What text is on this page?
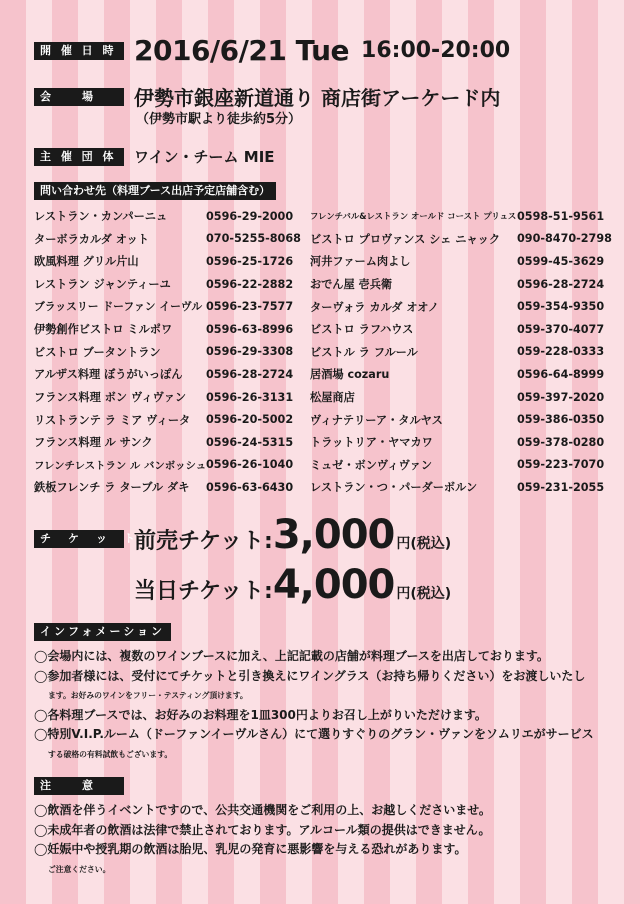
開 催 日 時 2016/6/21 Tue 16:00-20:00
会　　場	伊勢市銀座新道通り 商店街アーケード内
（伊勢市駅より徒歩約5分）
主 催 団 体	ワイン・チーム MIE
問い合わせ先（料理ブース出店予定店舗含む）
レストラン・カンパーニュ	0596-29-2000	フレンチバル&レストラン オールド コースト プリュス 0598-51-9561
ターボラカルダ オット	070-5255-8068 ビストロ プロヴァンス シェ ニャック	090-8470-2798
欧風料理 グリル片山	0596-25-1726	河井ファーム肉よし	0599-45-3629
レストラン ジャンティーユ	0596-22-2882	おでん屋 壱兵衛	0596-28-2724
ブラッスリー ドーファン イーヴル 0596-23-7577	ターヴォラ カルダ オオノ	059-354-9350
伊勢創作ビストロ ミルポワ	0596-63-8996	ビストロ ラフハウス	059-370-4077
ビストロ ブータントラン	0596-29-3308	ビストル ラ フルール	059-228-0333
アルザス料理 ぼうがいっぽん	0596-28-2724	居酒場 cozaru	0596-64-8999
フランス料理 ボン ヴィヴァン	0596-26-3131	松屋商店	059-397-2020
リストランテ ラ ミア ヴィータ	0596-20-5002	ヴィナテリーア・タルヤス	059-386-0350
フランス料理 ル サンク	0596-24-5315	トラットリア・ヤマカワ	059-378-0280
フレンチレストラン ル バンボッシュ 0596-26-1040	ミュゼ・ボンヴィヴァン	059-223-7070
鉄板フレンチ ラ ターブル ダキ	0596-63-6430	レストラン・つ・パーダーボルン	059-231-2055
チ　ケ　ッ　ト
前売チケット: 3,000 円(税込)
当日チケット: 4,000 円(税込)
インフォメーション
◯会場内には、複数のワインブースに加え、上記記載の店舗が料理ブースを出店しております。
◯参加者様には、受付にてチケットと引き換えにワイングラス（お持ち帰りください）をお渡しいたし
ます。お好みのワインをフリー・テスティング頂けます。
◯各料理ブースでは、お好みのお料理を1皿300円よりお召し上がりいただけます。
◯特別V.I.P.ルーム（ドーファンイーヴルさん）にて選りすぐりのグラン・ヴァンをソムリエがサービス
する破格の有料試飲もございます。
注　　意
◯飲酒を伴うイベントですので、公共交通機関をご利用の上、お越しくださいませ。
◯未成年者の飲酒は法律で禁止されております。アルコール類の提供はできません。
◯妊娠中や授乳期の飲酒は胎児、乳児の発育に悪影響を与える恐れがあります。
ご注意ください。
